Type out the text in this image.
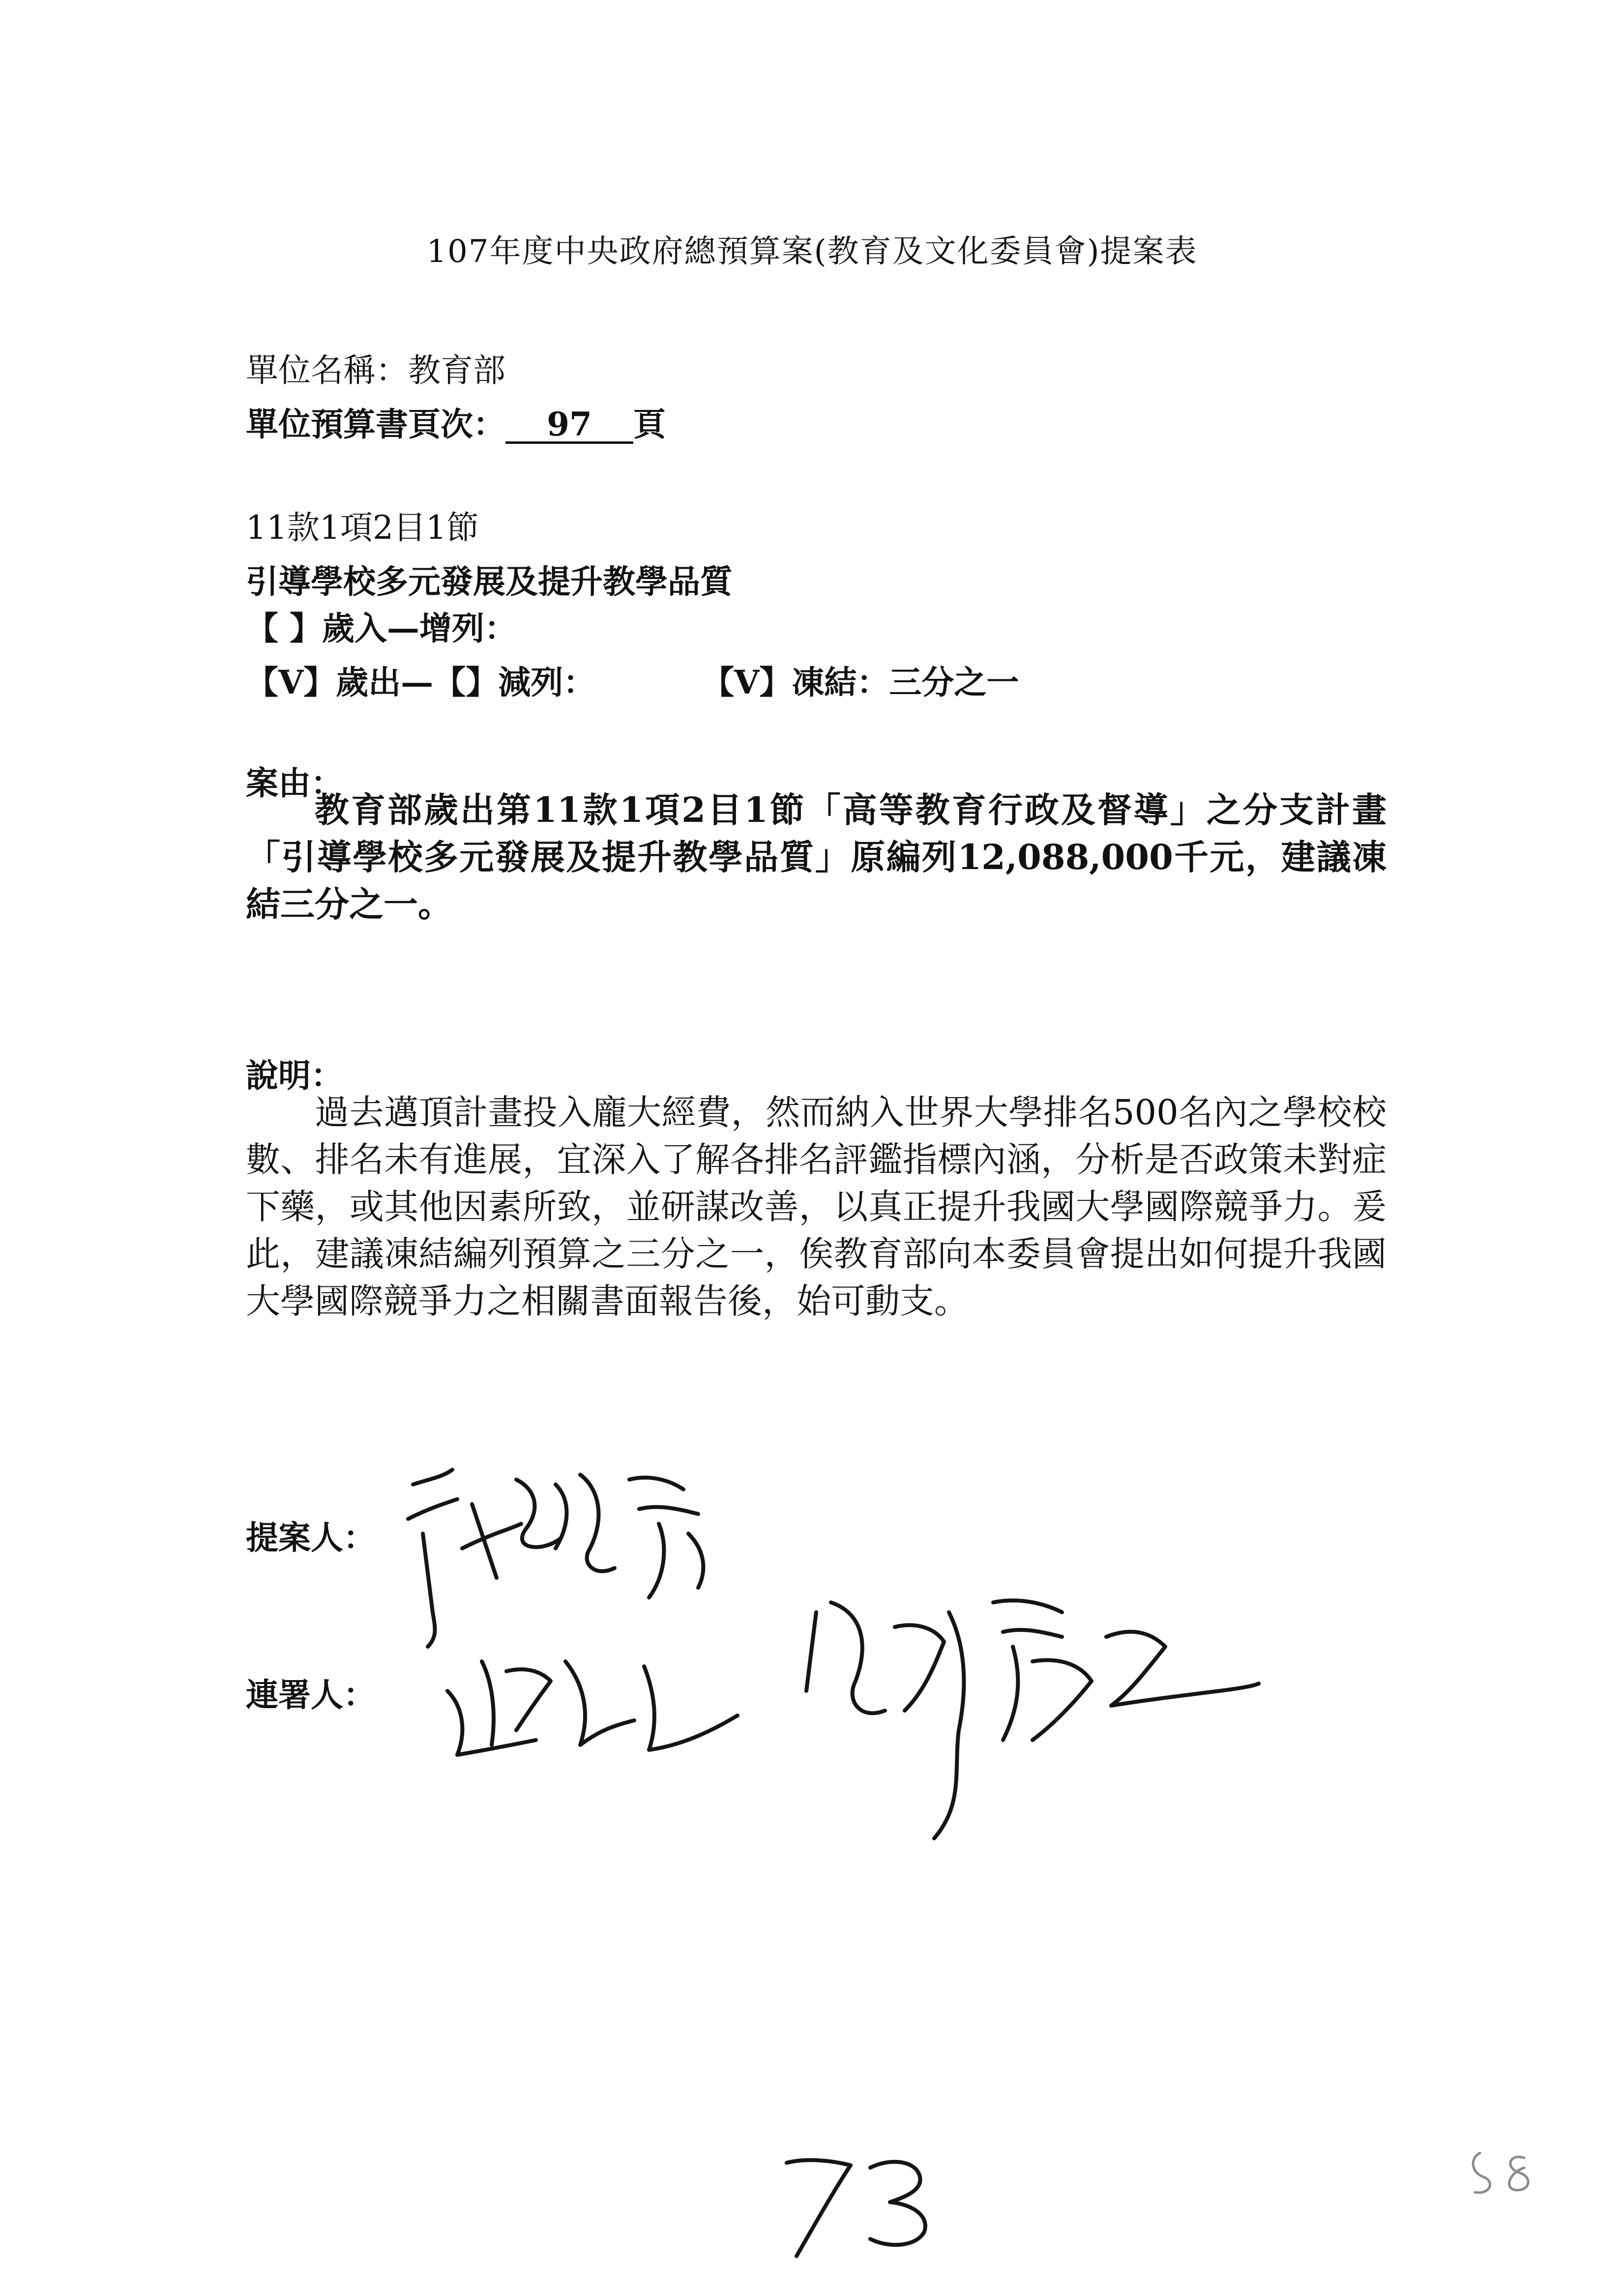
107年度中央政府總預算案(教育及文化委員會)提案表
單位名稱：教育部
單位預算書頁次： 97 頁
11款1項2目1節
引導學校多元發展及提升教學品質
【 】歲入—增列：
【V】歲出—【】減列：	【V】凍結：三分之一
案由：
教育部歲出第11款1項2目1節「高等教育行政及督導」之分支計畫「引導學校多元發展及提升教學品質」原編列12,088,000千元，建議凍結三分之一。
說明：
過去邁頂計畫投入龐大經費，然而納入世界大學排名500名內之學校校數、排名未有進展，宜深入了解各排名評鑑指標內涵，分析是否政策未對症下藥，或其他因素所致，並研謀改善，以真正提升我國大學國際競爭力。爰此，建議凍結編列預算之三分之一，俟教育部向本委員會提出如何提升我國大學國際競爭力之相關書面報告後，始可動支。
提案人：
連署人：
73
58
